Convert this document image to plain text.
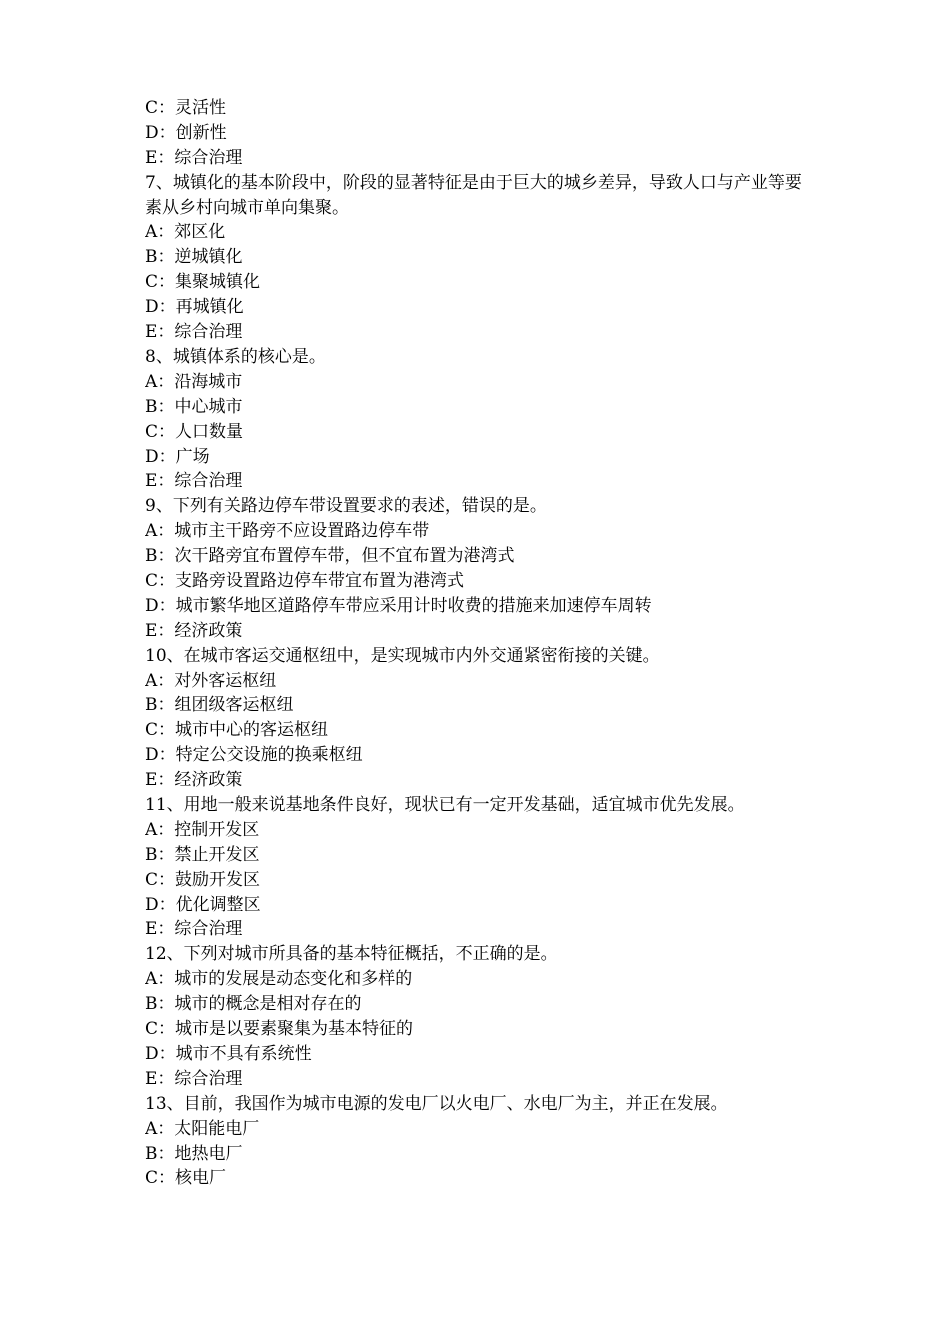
C：灵活性
D：创新性
E：综合治理
7、城镇化的基本阶段中，阶段的显著特征是由于巨大的城乡差异，导致人口与产业等要素从乡村向城市单向集聚。
A：郊区化
B：逆城镇化
C：集聚城镇化
D：再城镇化
E：综合治理
8、城镇体系的核心是。
A：沿海城市
B：中心城市
C：人口数量
D：广场
E：综合治理
9、下列有关路边停车带设置要求的表述，错误的是。
A：城市主干路旁不应设置路边停车带
B：次干路旁宜布置停车带，但不宜布置为港湾式
C：支路旁设置路边停车带宜布置为港湾式
D：城市繁华地区道路停车带应采用计时收费的措施来加速停车周转
E：经济政策
10、在城市客运交通枢纽中，是实现城市内外交通紧密衔接的关键。
A：对外客运枢纽
B：组团级客运枢纽
C：城市中心的客运枢纽
D：特定公交设施的换乘枢纽
E：经济政策
11、用地一般来说基地条件良好，现状已有一定开发基础，适宜城市优先发展。
A：控制开发区
B：禁止开发区
C：鼓励开发区
D：优化调整区
E：综合治理
12、下列对城市所具备的基本特征概括，不正确的是。
A：城市的发展是动态变化和多样的
B：城市的概念是相对存在的
C：城市是以要素聚集为基本特征的
D：城市不具有系统性
E：综合治理
13、目前，我国作为城市电源的发电厂以火电厂、水电厂为主，并正在发展。
A：太阳能电厂
B：地热电厂
C：核电厂
